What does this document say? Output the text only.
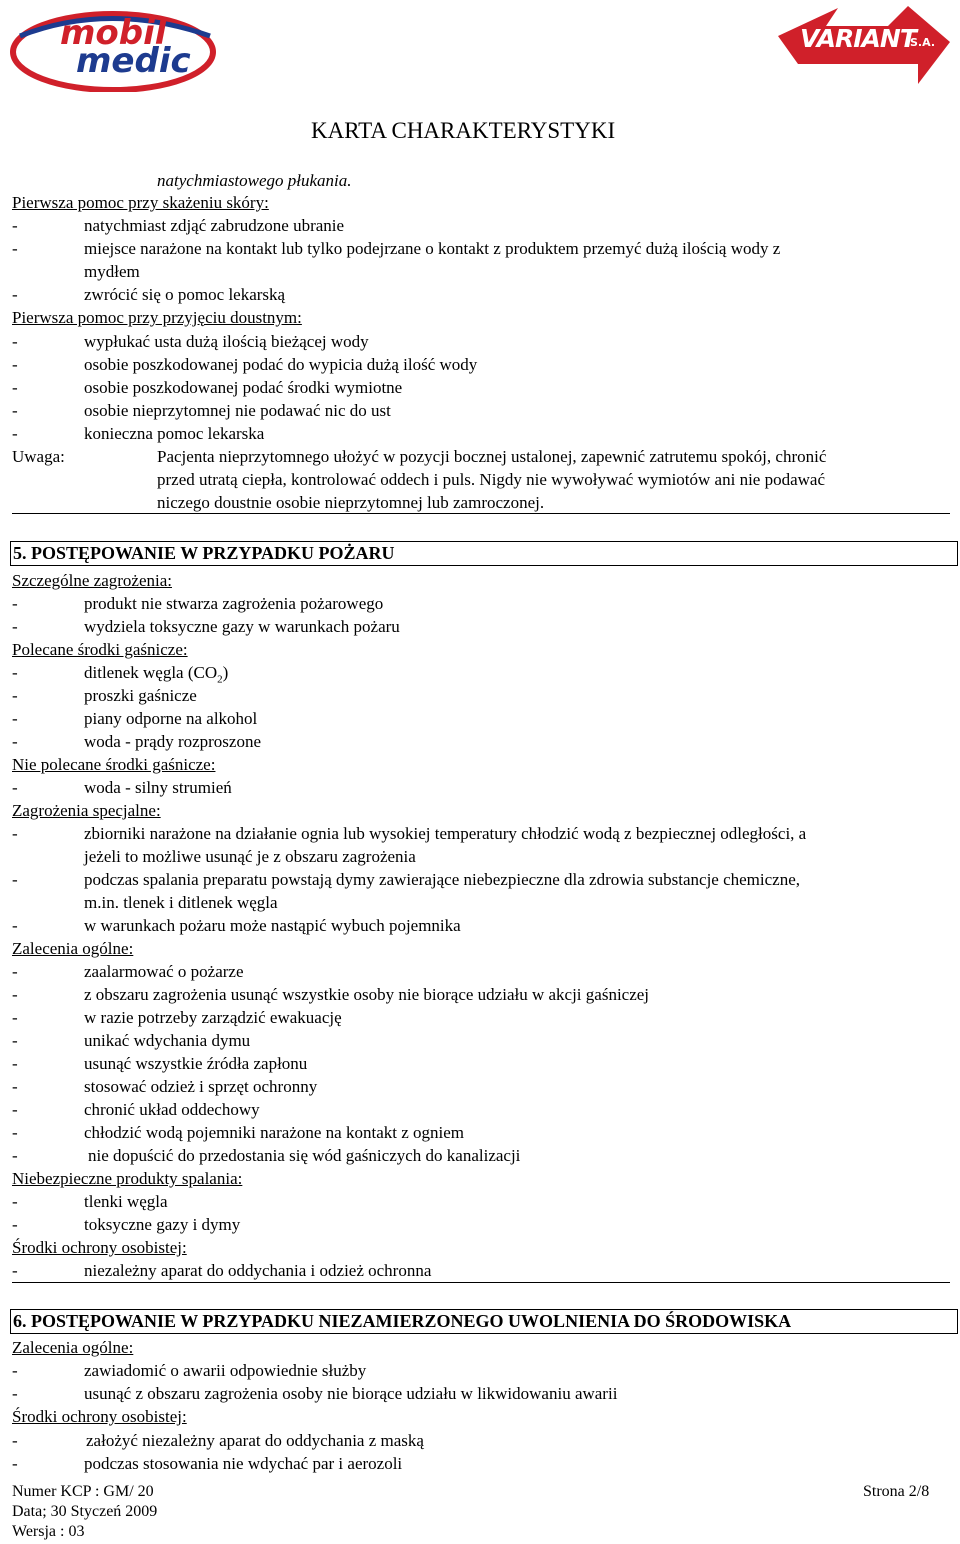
mobil
medic
VARIANT
S.A.
KARTA CHARAKTERYSTYKI
natychmiastowego płukania.
Pierwsza pomoc przy skażeniu skóry:
-	natychmiast zdjąć zabrudzone ubranie
-	miejsce narażone na kontakt lub tylko podejrzane o kontakt z produktem przemyć dużą ilością wody z
mydłem
-	zwrócić się o pomoc lekarską
Pierwsza pomoc przy przyjęciu doustnym:
-	wypłukać usta dużą ilością bieżącej wody
-	osobie poszkodowanej podać do wypicia dużą ilość wody
-	osobie poszkodowanej podać środki wymiotne
-	osobie nieprzytomnej nie podawać nic do ust
-	konieczna pomoc lekarska
Uwaga:	Pacjenta nieprzytomnego ułożyć w pozycji bocznej ustalonej, zapewnić zatrutemu spokój, chronić
przed utratą ciepła, kontrolować oddech i puls. Nigdy nie wywoływać wymiotów ani nie podawać
niczego doustnie osobie nieprzytomnej lub zamroczonej.
5. POSTĘPOWANIE W PRZYPADKU POŻARU
Szczególne zagrożenia:
-	produkt nie stwarza zagrożenia pożarowego
-	wydziela toksyczne gazy w warunkach pożaru
Polecane środki gaśnicze:
-	ditlenek węgla $(CO_2)$
-	proszki gaśnicze
-	piany odporne na alkohol
-	woda - prądy rozproszone
Nie polecane środki gaśnicze:
-	woda - silny strumień
Zagrożenia specjalne:
-	zbiorniki narażone na działanie ognia lub wysokiej temperatury chłodzić wodą z bezpiecznej odległości, a
jeżeli to możliwe usunąć je z obszaru zagrożenia
-	podczas spalania preparatu powstają dymy zawierające niebezpieczne dla zdrowia substancje chemiczne,
m.in. tlenek i ditlenek węgla
-	w warunkach pożaru może nastąpić wybuch pojemnika
Zalecenia ogólne:
-	zaalarmować o pożarze
-	z obszaru zagrożenia usunąć wszystkie osoby nie biorące udziału w akcji gaśniczej
-	w razie potrzeby zarządzić ewakuację
-	unikać wdychania dymu
-	usunąć wszystkie źródła zapłonu
-	stosować odzież i sprzęt ochronny
-	chronić układ oddechowy
-	chłodzić wodą pojemniki narażone na kontakt z ogniem
-	nie dopuścić do przedostania się wód gaśniczych do kanalizacji
Niebezpieczne produkty spalania:
-	tlenki węgla
-	toksyczne gazy i dymy
Środki ochrony osobistej:
-	niezależny aparat do oddychania i odzież ochronna
6. POSTĘPOWANIE W PRZYPADKU NIEZAMIERZONEGO UWOLNIENIA DO ŚRODOWISKA
Zalecenia ogólne:
-	zawiadomić o awarii odpowiednie służby
-	usunąć z obszaru zagrożenia osoby nie biorące udziału w likwidowaniu awarii
Środki ochrony osobistej:
-	założyć niezależny aparat do oddychania z maską
-	podczas stosowania nie wdychać par i aerozoli
Numer KCP : GM/ 20
Data; 30 Styczeń 2009
Wersja : 03
Strona 2/8
